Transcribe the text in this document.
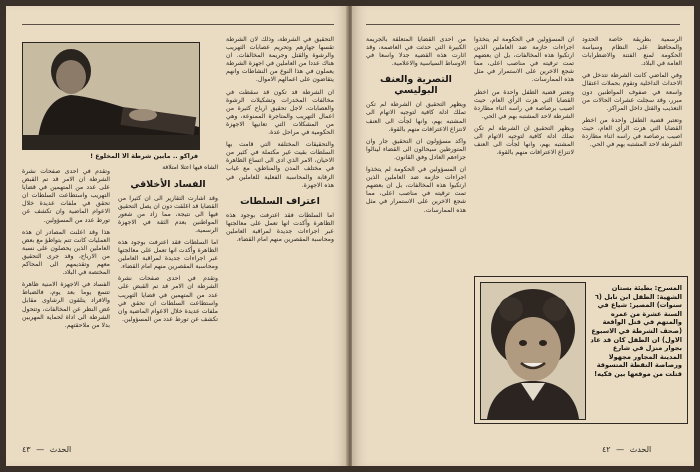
فراكو .. مابين شرطة الا المخلوع !

وتقدم في احدى صفحات نشرة الشرطة ان الامر قد تم القبض على عدد من المتهمين في قضايا التهريب واستطاعت السلطات ان تحقق في ملفات عديدة خلال الاعوام الماضية وان تكشف عن تورط عدد من المسؤولين.

هذا وقد اعلنت المصادر ان هذه العمليات كانت تتم بتواطؤ مع بعض العاملين الذين يحصلون على نسبة من الارباح، وقد جرى التحقيق معهم وتقديمهم الى المحاكم المختصة في البلاد.

الفساد في الاجهزة الامنية ظاهرة تتسع يوما بعد يوم، فالضباط والافراد يتلقون الرشاوى مقابل غض النظر عن المخالفات، وتتحول الشرطة الى اداة لحماية المهربين بدلا من ملاحقتهم.

الشاه فيها اعتلا امتلافة
الفساد الأخلاقي

وقد اشارت التقارير الى ان كثيرا من القضايا قد اغلقت دون ان يصل التحقيق فيها الى نتيجة، مما زاد من شعور المواطنين بعدم الثقة في الاجهزة الرسمية.

اما السلطات فقد اعترفت بوجود هذه الظاهرة وأكدت انها تعمل على معالجتها عبر اجراءات جديدة لمراقبة العاملين ومحاسبة المقصرين منهم امام القضاء.

وتقدم في احدى صفحات نشرة الشرطة ان الامر قد تم القبض على عدد من المتهمين في قضايا التهريب واستطاعت السلطات ان تحقق في ملفات عديدة خلال الاعوام الماضية وان تكشف عن تورط عدد من المسؤولين.

التحقيق في الشرطة، وذلك لان الشرطة تقسها جهازهم وتحريم عصابات التهريب والرشوة والقتل وجريمة المخالفات. ان هناك عددا من العاملين في اجهزة الشرطة يعملون في هذا النوع من النشاطات وانهم يتقاضون على اعمالهم الاموال.

ان الشرطة قد تكون قد سقطت في مخالفات المخدرات وتشكيلات الرشوة والعصابات، لاجل تحقيق ارباح كثيرة من اعمال التهريب والمتاجرة الممنوعة، وهي من المشكلات التي تعانيها الاجهزة الحكومية في مراحل عدة.

والتحقيقات المختلفة التي قامت بها السلطات بقيت غير مكتملة في كثير من الاحيان، الامر الذي ادى الى اتساع الظاهرة في مختلف المدن والمناطق، مع غياب الرقابة والمحاسبة الفعلية للعاملين في هذه الاجهزة.

اعتراف السلطات

اما السلطات فقد اعترفت بوجود هذه الظاهرة وأكدت انها تعمل على معالجتها عبر اجراءات جديدة لمراقبة العاملين ومحاسبة المقصرين منهم امام القضاء.

الحدث — ٤٣

من احدى القضايا المتعلقة بالجريمة الكبيرة التي حدثت في العاصمة، وقد اثارت هذه القضية جدلا واسعا في الاوساط السياسية والاعلامية.

التصرية والعنف البوليسي

ويظهر التحقيق ان الشرطة لم تكن تملك ادلة كافية لتوجيه الاتهام الى المشتبه بهم، وانها لجأت الى العنف لانتزاع الاعترافات منهم بالقوة.

واكد مسؤولون ان التحقيق جار وان المتورطين سيحالون الى القضاء لينالوا جزاءهم العادل وفق القانون.

ان المسؤولين في الحكومة لم يتخذوا اجراءات حازمة ضد العاملين الذين ارتكبوا هذه المخالفات، بل ان بعضهم تمت ترقيته في مناصب اعلى، مما شجع الاخرين على الاستمرار في مثل هذه الممارسات.

ان المسؤولين في الحكومة لم يتخذوا اجراءات حازمة ضد العاملين الذين ارتكبوا هذه المخالفات، بل ان بعضهم تمت ترقيته في مناصب اعلى، مما شجع الاخرين على الاستمرار في مثل هذه الممارسات.

وتعتبر قضية الطفل واحدة من اخطر القضايا التي هزت الرأي العام، حيث اصيب برصاصة في راسه اثناء مطاردة الشرطة لاحد المشتبه بهم في الحي.

ويظهر التحقيق ان الشرطة لم تكن تملك ادلة كافية لتوجيه الاتهام الى المشتبه بهم، وانها لجأت الى العنف لانتزاع الاعترافات منهم بالقوة.

الرسمية بطريقة خاصة الحدود والمحافظ على النظام وسياسة الحكومة لمنع الفتنة والاضطرابات العامة في البلاد.

وفي الماضي كانت الشرطة تتدخل في الاحداث الداخلية وتقوم بحملات اعتقال واسعة في صفوف المواطنين دون مبرر، وقد سجلت عشرات الحالات من التعذيب والقتل داخل المراكز.

وتعتبر قضية الطفل واحدة من اخطر القضايا التي هزت الرأي العام، حيث اصيب برصاصة في راسه اثناء مطاردة الشرطة لاحد المشتبه بهم في الحي.

المسرح: بطيئة بستان الشهية: الطفل ابن نابل (٦ سنوات) المصير: شياع في السنة عشرة من عمره والمتهم في قتل الواقعة (صحف الشرطة في الاسبوع الاول) ان الطفل كان قد عاد بجوار منزل في شارع المدينة المجاور مجهولا ورصاصة النقطة المتسوقة قتلت من موقعها بين فكيه!
الحدث — ٤٢
